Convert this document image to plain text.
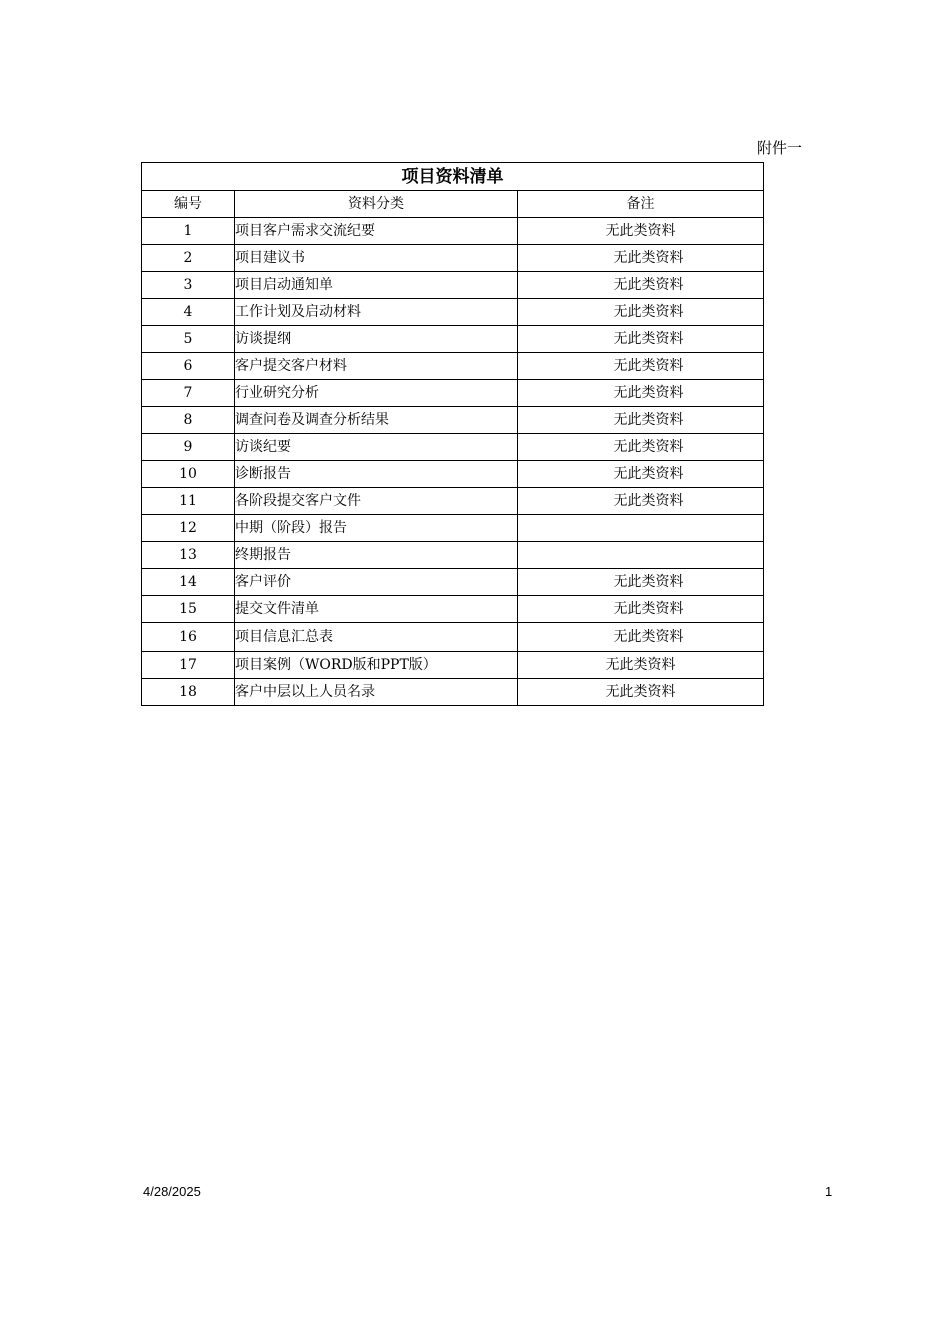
附件一
项目资料清单		
编号	资料分类	备注
1	项目客户需求交流纪要	无此类资料
2	项目建议书	无此类资料
3	项目启动通知单	无此类资料
4	工作计划及启动材料	无此类资料
5	访谈提纲	无此类资料
6	客户提交客户材料	无此类资料
7	行业研究分析	无此类资料
8	调查问卷及调查分析结果	无此类资料
9	访谈纪要	无此类资料
10	诊断报告	无此类资料
11	各阶段提交客户文件	无此类资料
12	中期（阶段）报告	
13	终期报告	
14	客户评价	无此类资料
15	提交文件清单	无此类资料
16	项目信息汇总表	无此类资料
17	项目案例（WORD版和PPT版）	无此类资料
18	客户中层以上人员名录	无此类资料
4/28/2025	1
